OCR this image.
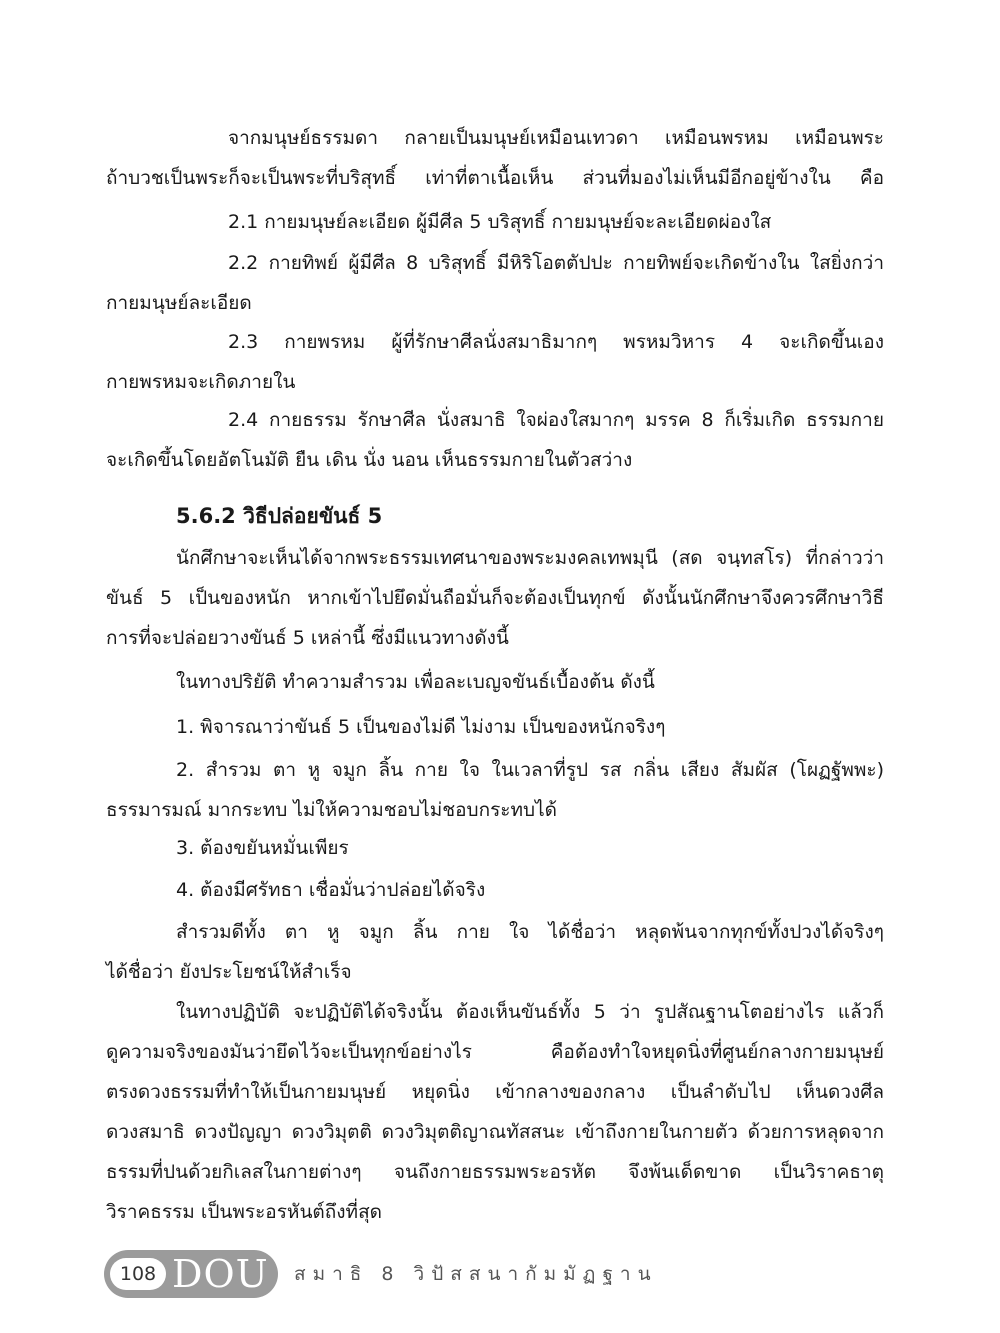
จากมนุษย์ธรรมดา กลายเป็นมนุษย์เหมือนเทวดา เหมือนพรหม เหมือนพระ
ถ้าบวชเป็นพระก็จะเป็นพระที่บริสุทธิ์ เท่าที่ตาเนื้อเห็น ส่วนที่มองไม่เห็นมีอีกอยู่ข้างใน คือ

2.1 กายมนุษย์ละเอียด ผู้มีศีล 5 บริสุทธิ์ กายมนุษย์จะละเอียดผ่องใส

2.2 กายทิพย์ ผู้มีศีล 8 บริสุทธิ์ มีหิริโอตตัปปะ กายทิพย์จะเกิดข้างใน ใสยิ่งกว่า
กายมนุษย์ละเอียด

2.3 กายพรหม ผู้ที่รักษาศีลนั่งสมาธิมากๆ พรหมวิหาร 4 จะเกิดขึ้นเอง
กายพรหมจะเกิดภายใน

2.4 กายธรรม รักษาศีล นั่งสมาธิ ใจผ่องใสมากๆ มรรค 8 ก็เริ่มเกิด ธรรมกาย
จะเกิดขึ้นโดยอัตโนมัติ ยืน เดิน นั่ง นอน เห็นธรรมกายในตัวสว่าง

5.6.2 วิธีปล่อยขันธ์ 5

นักศึกษาจะเห็นได้จากพระธรรมเทศนาของพระมงคลเทพมุนี (สด จนฺทสโร) ที่กล่าวว่า
ขันธ์ 5 เป็นของหนัก หากเข้าไปยึดมั่นถือมั่นก็จะต้องเป็นทุกข์ ดังนั้นนักศึกษาจึงควรศึกษาวิธี
การที่จะปล่อยวางขันธ์ 5 เหล่านี้ ซึ่งมีแนวทางดังนี้

ในทางปริยัติ ทำความสำรวม เพื่อละเบญจขันธ์เบื้องต้น ดังนี้

1. พิจารณาว่าขันธ์ 5 เป็นของไม่ดี ไม่งาม เป็นของหนักจริงๆ

2. สำรวม ตา หู จมูก ลิ้น กาย ใจ ในเวลาที่รูป รส กลิ่น เสียง สัมผัส (โผฏฐัพพะ)
ธรรมารมณ์ มากระทบ ไม่ให้ความชอบไม่ชอบกระทบได้

3. ต้องขยันหมั่นเพียร

4. ต้องมีศรัทธา เชื่อมั่นว่าปล่อยได้จริง

สำรวมดีทั้ง ตา หู จมูก ลิ้น กาย ใจ ได้ชื่อว่า หลุดพ้นจากทุกข์ทั้งปวงได้จริงๆ
ได้ชื่อว่า ยังประโยชน์ให้สำเร็จ

ในทางปฏิบัติ จะปฏิบัติได้จริงนั้น ต้องเห็นขันธ์ทั้ง 5 ว่า รูปสัณฐานโตอย่างไร แล้วก็
ดูความจริงของมันว่ายึดไว้จะเป็นทุกข์อย่างไร คือต้องทำใจหยุดนิ่งที่ศูนย์กลางกายมนุษย์
ตรงดวงธรรมที่ทำให้เป็นกายมนุษย์ หยุดนิ่ง เข้ากลางของกลาง เป็นลำดับไป เห็นดวงศีล
ดวงสมาธิ ดวงปัญญา ดวงวิมุตติ ดวงวิมุตติญาณทัสสนะ เข้าถึงกายในกายตัว ด้วยการหลุดจาก
ธรรมที่ปนด้วยกิเลสในกายต่างๆ จนถึงกายธรรมพระอรหัต จึงพ้นเด็ดขาด เป็นวิราคธาตุ
วิราคธรรม เป็นพระอรหันต์ถึงที่สุด

108 DOU สมาธิ 8 วิปัสสนากัมมัฏฐาน
